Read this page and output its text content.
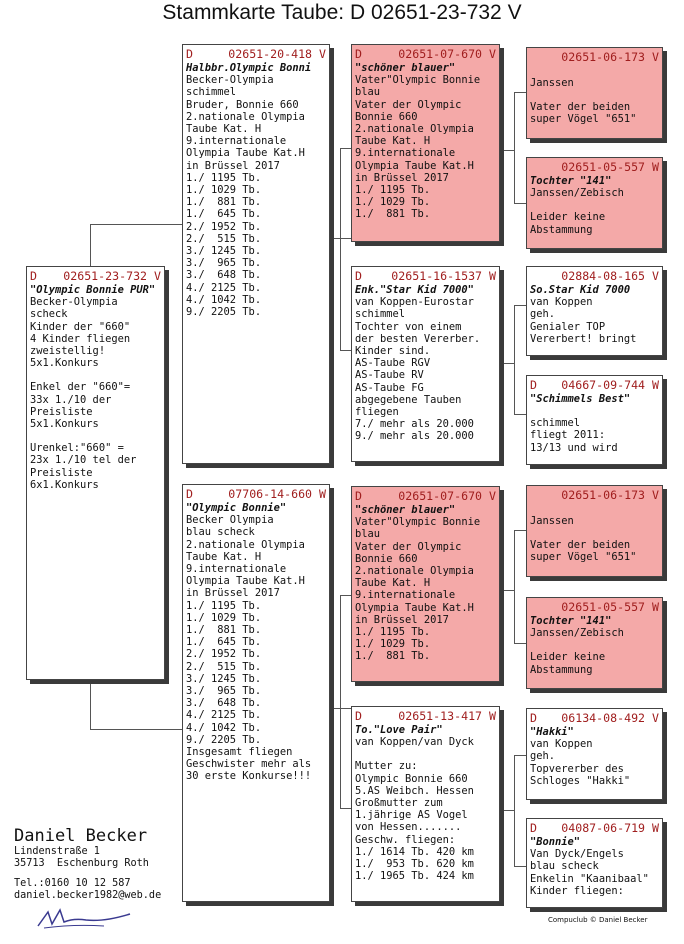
Stammkarte Taube: D 02651-23-732 V
D 02651-23-732 V
"Olympic Bonnie PUR"
Becker-Olympia
scheck
Kinder der "660"
4 Kinder fliegen
zweistellig!
5x1.Konkurs
Enkel der "660"=
33x 1./10 der
Preisliste
5x1.Konkurs
Urenkel:"660" =
23x 1./10 tel der
Preisliste
6x1.Konkurs
D	02651-20-418 V
Halbbr.Olympic Bonni
Becker-Olympia
schimmel
Bruder, Bonnie 660
2.nationale Olympia
Taube Kat. H
9.internationale
Olympia Taube Kat.H
in Brüssel 2017
1./ 1195 Tb.
1./ 1029 Tb.
1./  881 Tb.
1./  645 Tb.
2./ 1952 Tb.
2./  515 Tb.
3./ 1245 Tb.
3./  965 Tb.
3./  648 Tb.
4./ 2125 Tb.
4./ 1042 Tb.
9./ 2205 Tb.
D	07706-14-660 W
"Olympic Bonnie"
Becker Olympia
blau scheck
2.nationale Olympia
Taube Kat. H
9.internationale
Olympia Taube Kat.H
in Brüssel 2017
1./ 1195 Tb.
1./ 1029 Tb.
1./  881 Tb.
1./  645 Tb.
2./ 1952 Tb.
2./  515 Tb.
3./ 1245 Tb.
3./  965 Tb.
3./  648 Tb.
4./ 2125 Tb.
4./ 1042 Tb.
9./ 2205 Tb.
Insgesamt fliegen
Geschwister mehr als
30 erste Konkurse!!!
D	02651-07-670 V
"schöner blauer"
Vater"Olympic Bonnie
blau
Vater der Olympic
Bonnie 660
2.nationale Olympia
Taube Kat. H
9.internationale
Olympia Taube Kat.H
in Brüssel 2017
1./ 1195 Tb.
1./ 1029 Tb.
1./  881 Tb.
D	02651-16-1537 W
Enk."Star Kid 7000"
van Koppen-Eurostar
schimmel
Tochter von einem
der besten Vererber.
Kinder sind.
AS-Taube RGV
AS-Taube RV
AS-Taube FG
abgegebene Tauben
fliegen
7./ mehr als 20.000
9./ mehr als 20.000
D	02651-07-670 V
"schöner blauer"
Vater"Olympic Bonnie
blau
Vater der Olympic
Bonnie 660
2.nationale Olympia
Taube Kat. H
9.internationale
Olympia Taube Kat.H
in Brüssel 2017
1./ 1195 Tb.
1./ 1029 Tb.
1./  881 Tb.
D	02651-13-417 W
To."Love Pair"
van Koppen/van Dyck
Mutter zu:
Olympic Bonnie 660
5.AS Weibch. Hessen
Großmutter zum
1.jährige AS Vogel
von Hessen.......
Geschw. fliegen:
1./ 1614 Tb. 420 km
1./  953 Tb. 620 km
1./ 1965 Tb. 424 km
02651-06-173 V
Janssen
Vater der beiden
super Vögel "651"
02651-05-557 W
Tochter "141"
Janssen/Zebisch
Leider keine
Abstammung
02884-08-165 V
So.Star Kid 7000
van Koppen
geh.
Genialer TOP
Vererbert! bringt
D 04667-09-744 W
"Schimmels Best"
schimmel
fliegt 2011:
13/13 und wird
02651-06-173 V
Janssen
Vater der beiden
super Vögel "651"
02651-05-557 W
Tochter "141"
Janssen/Zebisch
Leider keine
Abstammung
D 06134-08-492 V
"Hakki"
van Koppen
geh.
Topvererber des
Schloges "Hakki"
D 04087-06-719 W
"Bonnie"
Van Dyck/Engels
blau scheck
Enkelin "Kaanibaal"
Kinder fliegen:
Daniel Becker
Lindenstraße 1
35713  Eschenburg Roth
Tel.:0160 10 12 587
daniel.becker1982@web.de
Compuclub © Daniel Becker
